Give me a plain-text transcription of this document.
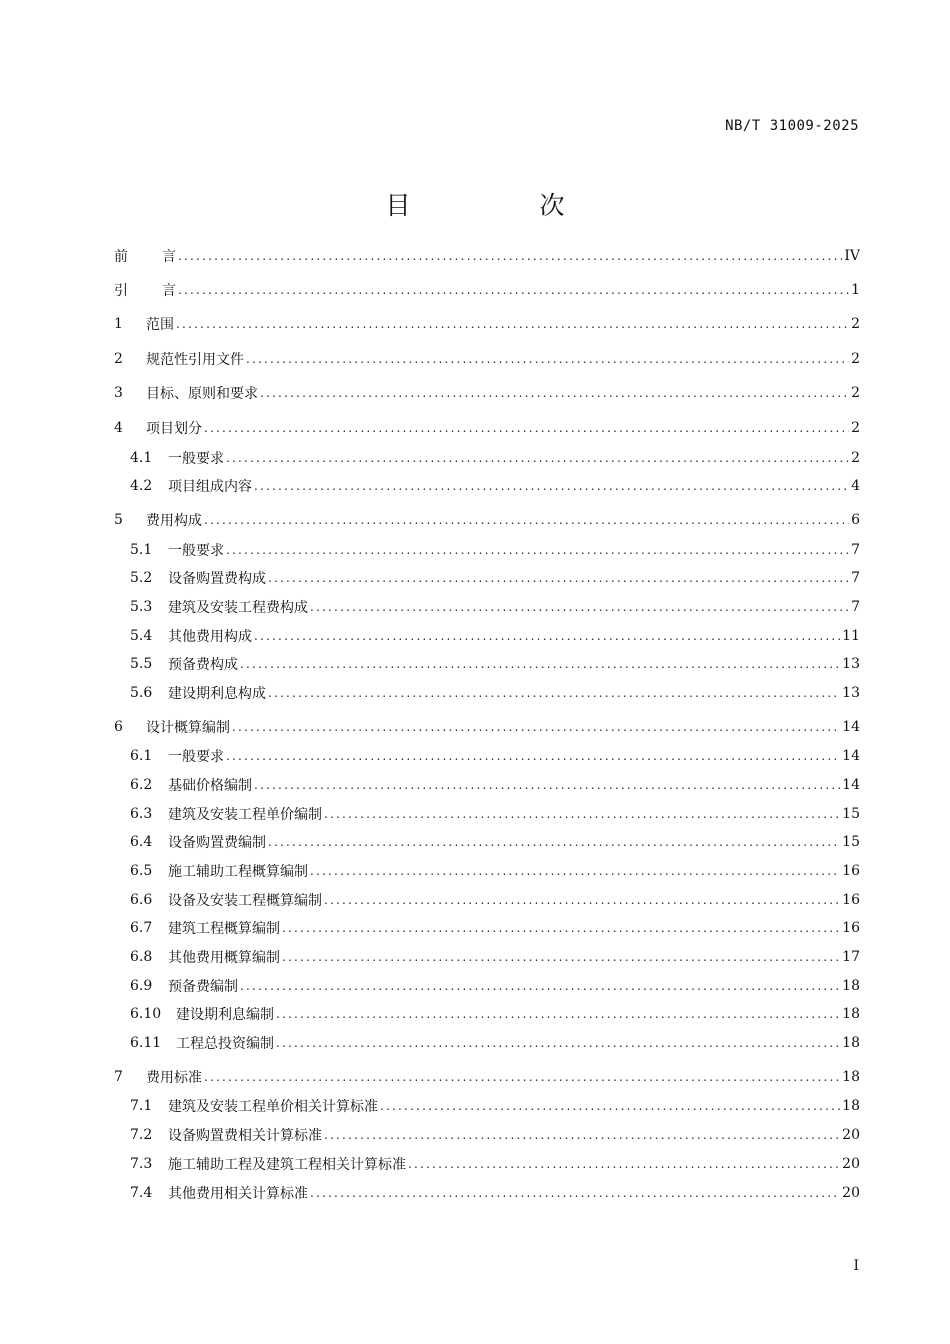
NB/T 31009-2025
目　次
前	言 .....	IV
引	言 .....	1
1	范围 .....	2
2	规范性引用文件 .....	2
3	目标、原则和要求 .....	2
4	项目划分 .....	2
4.1	一般要求 .....	2
4.2	项目组成内容 .....	4
5	费用构成 .....	6
5.1	一般要求 .....	7
5.2	设备购置费构成 .....	7
5.3	建筑及安装工程费构成 .....	7
5.4	其他费用构成 .....	11
5.5	预备费构成 .....	13
5.6	建设期利息构成 .....	13
6	设计概算编制 .....	14
6.1	一般要求 .....	14
6.2	基础价格编制 .....	14
6.3	建筑及安装工程单价编制 .....	15
6.4	设备购置费编制 .....	15
6.5	施工辅助工程概算编制 .....	16
6.6	设备及安装工程概算编制 .....	16
6.7	建筑工程概算编制 .....	16
6.8	其他费用概算编制 .....	17
6.9	预备费编制 .....	18
6.10	建设期利息编制 .....	18
6.11	工程总投资编制 .....	18
7	费用标准 .....	18
7.1	建筑及安装工程单价相关计算标准 .....	18
7.2	设备购置费相关计算标准 .....	20
7.3	施工辅助工程及建筑工程相关计算标准 .....	20
7.4	其他费用相关计算标准 .....	20
I
